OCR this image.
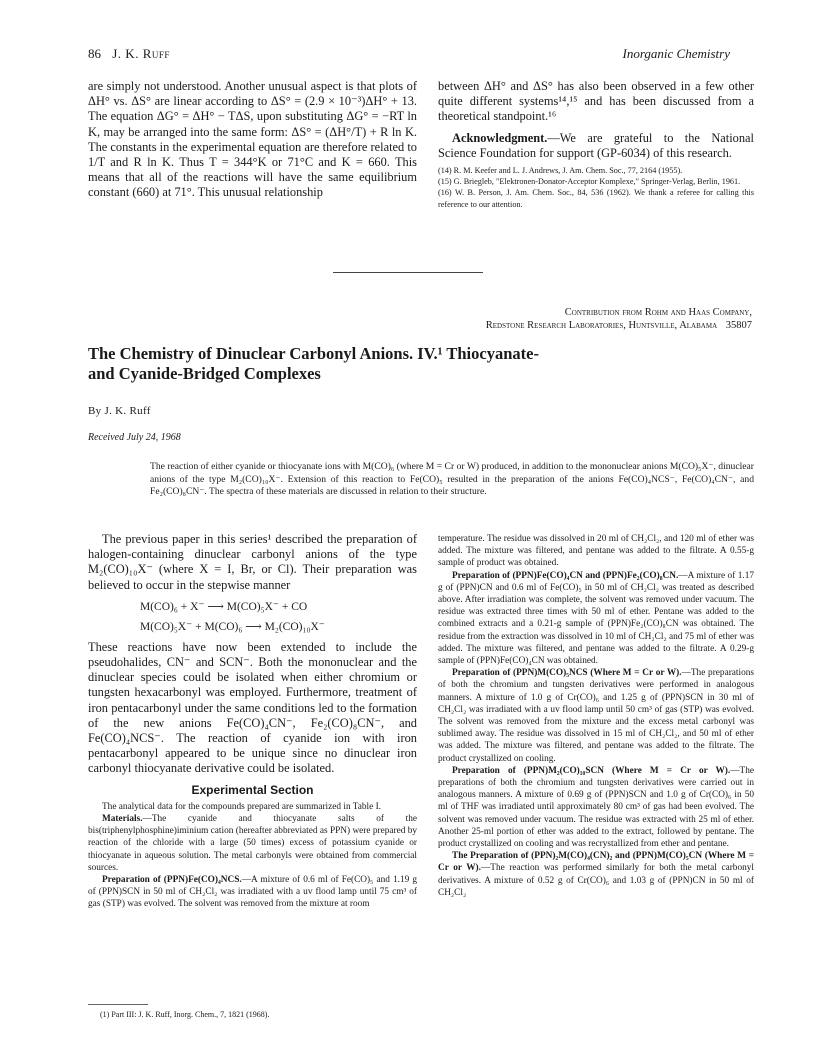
86 J. K. Ruff	Inorganic Chemistry

are simply not understood. Another unusual aspect is that plots of ΔH° vs. ΔS° are linear according to ΔS° = (2.9 × 10⁻³)ΔH° + 13. The equation ΔG° = ΔH° − TΔS, upon substituting ΔG° = −RT ln K, may be arranged into the same form: ΔS° = (ΔH°/T) + R ln K. The constants in the experimental equation are therefore related to 1/T and R ln K. Thus T = 344°K or 71°C and K = 660. This means that all of the reactions will have the same equilibrium constant (660) at 71°. This unusual relationship

between ΔH° and ΔS° has also been observed in a few other quite different systems¹⁴,¹⁵ and has been discussed from a theoretical standpoint.¹⁶

Acknowledgment.—We are grateful to the National Science Foundation for support (GP-6034) of this research.

(14) R. M. Keefer and L. J. Andrews, J. Am. Chem. Soc., 77, 2164 (1955).

(15) G. Briegleb, "Elektronen-Donator-Acceptor Komplexe," Springer-Verlag, Berlin, 1961.

(16) W. B. Person, J. Am. Chem. Soc., 84, 536 (1962). We thank a referee for calling this reference to our attention.

Contribution from Rohm and Haas Company,
Redstone Research Laboratories, Huntsville, Alabama 35807
The Chemistry of Dinuclear Carbonyl Anions. IV.¹ Thiocyanate-
and Cyanide-Bridged Complexes
By J. K. Ruff
Received July 24, 1968
The reaction of either cyanide or thiocyanate ions with M(CO)₆ (where M = Cr or W) produced, in addition to the mononuclear anions M(CO)₅X⁻, dinuclear anions of the type M₂(CO)₁₀X⁻. Extension of this reaction to Fe(CO)₅ resulted in the preparation of the anions Fe(CO)₄NCS⁻, Fe(CO)₄CN⁻, and Fe₂(CO)₈CN⁻. The spectra of these materials are discussed in relation to their structure.

The previous paper in this series¹ described the preparation of halogen-containing dinuclear carbonyl anions of the type M₂(CO)₁₀X⁻ (where X = I, Br, or Cl). Their preparation was believed to occur in the stepwise manner

M(CO)₆ + X⁻ ⟶ M(CO)₅X⁻ + CO
M(CO)₅X⁻ + M(CO)₆ ⟶ M₂(CO)₁₀X⁻

These reactions have now been extended to include the pseudohalides, CN⁻ and SCN⁻. Both the mononuclear and the dinuclear species could be isolated when either chromium or tungsten hexacarbonyl was employed. Furthermore, treatment of iron pentacarbonyl under the same conditions led to the formation of the new anions Fe(CO)₄CN⁻, Fe₂(CO)₈CN⁻, and Fe(CO)₄NCS⁻. The reaction of cyanide ion with iron pentacarbonyl appeared to be unique since no dinuclear iron carbonyl thiocyanate derivative could be isolated.

Experimental Section

The analytical data for the compounds prepared are summarized in Table I.

Materials.—The cyanide and thiocyanate salts of the bis(triphenylphosphine)iminium cation (hereafter abbreviated as PPN) were prepared by reaction of the chloride with a large (50 times) excess of potassium cyanide or thiocyanate in aqueous solution. The metal carbonyls were obtained from commercial sources.

Preparation of (PPN)Fe(CO)₄NCS.—A mixture of 0.6 ml of Fe(CO)₅ and 1.19 g of (PPN)SCN in 50 ml of CH₂Cl₂ was irradiated with a uv flood lamp until 75 cm³ of gas (STP) was evolved. The solvent was removed from the mixture at room

(1) Part III: J. K. Ruff, Inorg. Chem., 7, 1821 (1968).

temperature. The residue was dissolved in 20 ml of CH₂Cl₂, and 120 ml of ether was added. The mixture was filtered, and pentane was added to the filtrate. A 0.55-g sample of product was obtained.

Preparation of (PPN)Fe(CO)₄CN and (PPN)Fe₂(CO)₈CN.—A mixture of 1.17 g of (PPN)CN and 0.6 ml of Fe(CO)₅ in 50 ml of CH₂Cl₂ was treated as described above. After irradiation was complete, the solvent was removed under vacuum. The residue was extracted three times with 50 ml of ether. Pentane was added to the combined extracts and a 0.21-g sample of (PPN)Fe₂(CO)₈CN was obtained. The residue from the extraction was dissolved in 10 ml of CH₂Cl₂ and 75 ml of ether was added. The mixture was filtered, and pentane was added to the filtrate. A 0.29-g sample of (PPN)Fe(CO)₄CN was obtained.

Preparation of (PPN)M(CO)₅NCS (Where M = Cr or W).—The preparations of both the chromium and tungsten derivatives were performed in analogous manners. A mixture of 1.0 g of Cr(CO)₆ and 1.25 g of (PPN)SCN in 30 ml of CH₂Cl₂ was irradiated with a uv flood lamp until 50 cm³ of gas (STP) was evolved. The solvent was removed from the mixture and the excess metal carbonyl was sublimed away. The residue was dissolved in 15 ml of CH₂Cl₂, and 50 ml of ether was added. The mixture was filtered, and pentane was added to the filtrate. The product crystallized on cooling.

Preparation of (PPN)M₂(CO)₁₀SCN (Where M = Cr or W).—The preparations of both the chromium and tungsten derivatives were carried out in analogous manners. A mixture of 0.69 g of (PPN)SCN and 1.0 g of Cr(CO)₆ in 50 ml of THF was irradiated until approximately 80 cm³ of gas had been evolved. The solvent was removed under vacuum. The residue was extracted with 25 ml of ether. Another 25-ml portion of ether was added to the extract, followed by pentane. The product crystallized on cooling and was recrystallized from ether and pentane.

The Preparation of (PPN)₂M(CO)₄(CN)₂ and (PPN)M(CO)₅CN (Where M = Cr or W).—The reaction was performed similarly for both the metal carbonyl derivatives. A mixture of 0.52 g of Cr(CO)₆ and 1.03 g of (PPN)CN in 50 ml of CH₂Cl₂
